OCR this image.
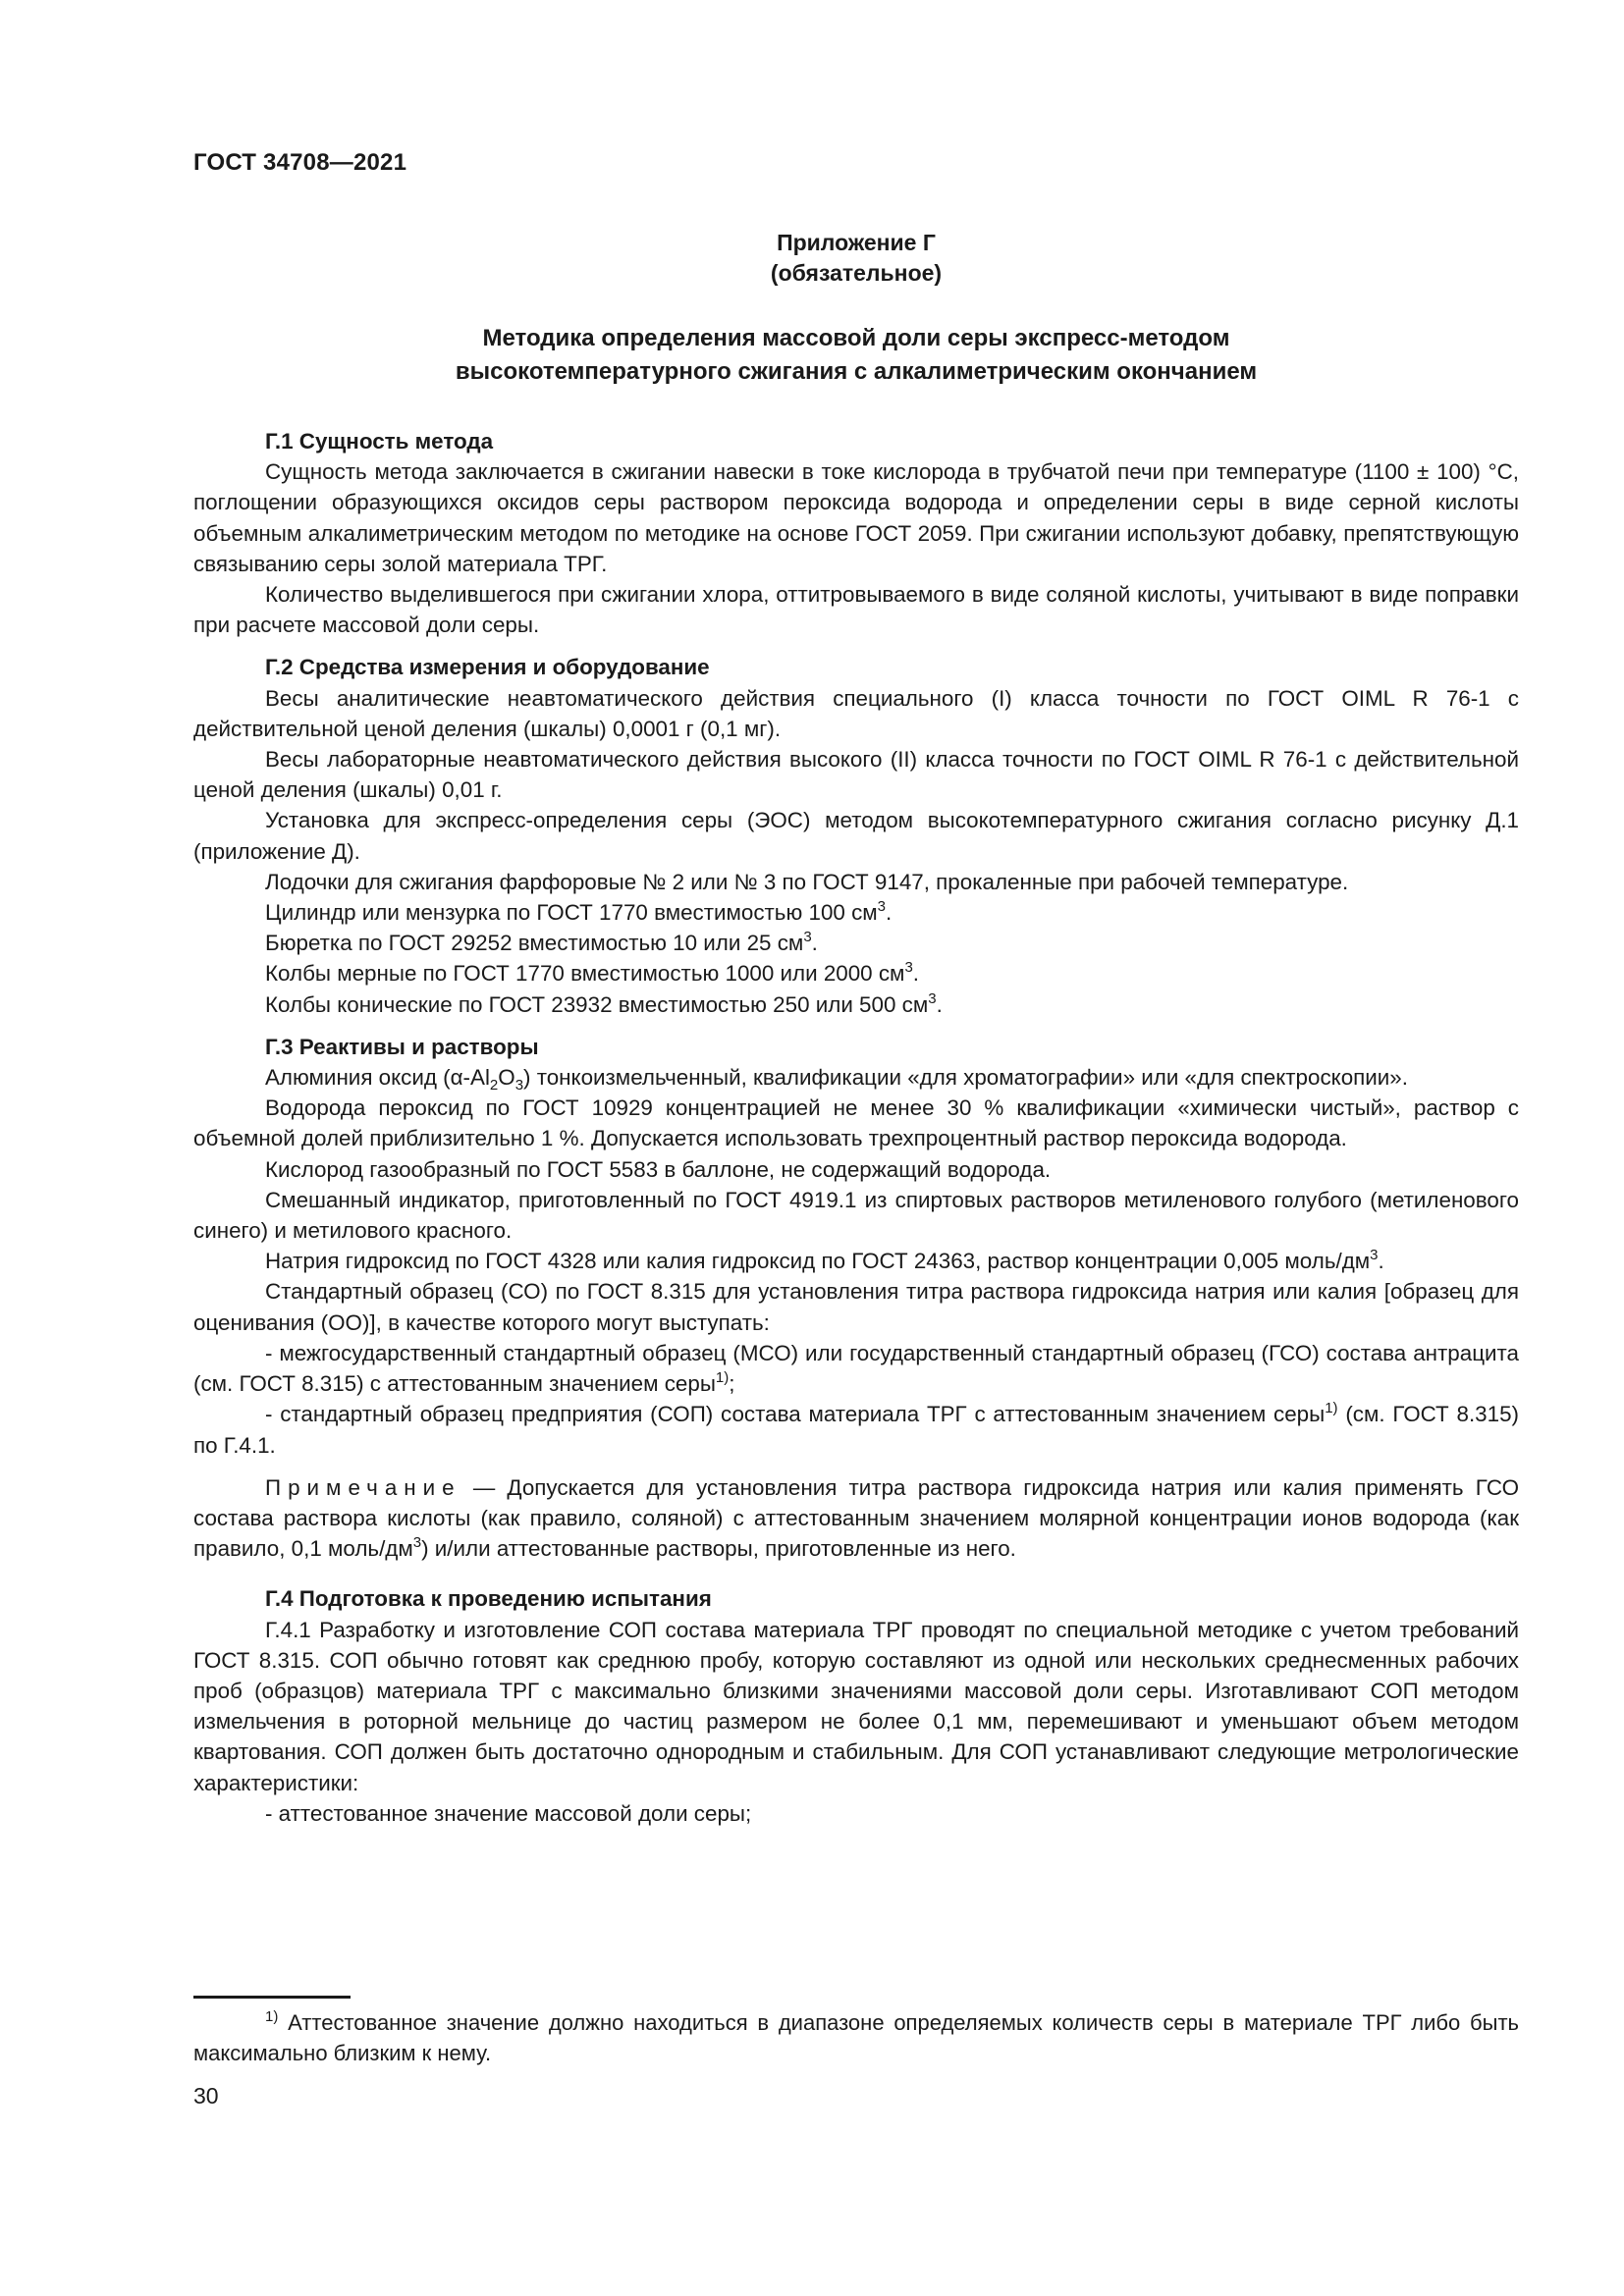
ГОСТ 34708—2021
Приложение Г
(обязательное)
Методика определения массовой доли серы экспресс-методом
высокотемпературного сжигания с алкалиметрическим окончанием
Г.1 Сущность метода

Сущность метода заключается в сжигании навески в токе кислорода в трубчатой печи при температуре (1100 ± 100) °С, поглощении образующихся оксидов серы раствором пероксида водорода и определении серы в виде серной кислоты объемным алкалиметрическим методом по методике на основе ГОСТ 2059. При сжигании используют добавку, препятствующую связыванию серы золой материала ТРГ.

Количество выделившегося при сжигании хлора, оттитровываемого в виде соляной кислоты, учитывают в виде поправки при расчете массовой доли серы.

Г.2 Средства измерения и оборудование

Весы аналитические неавтоматического действия специального (I) класса точности по ГОСТ OIML R 76-1 с действительной ценой деления (шкалы) 0,0001 г (0,1 мг).

Весы лабораторные неавтоматического действия высокого (II) класса точности по ГОСТ OIML R 76-1 с действительной ценой деления (шкалы) 0,01 г.

Установка для экспресс-определения серы (ЭОС) методом высокотемпературного сжигания согласно рисунку Д.1 (приложение Д).

Лодочки для сжигания фарфоровые № 2 или № 3 по ГОСТ 9147, прокаленные при рабочей температуре.

Цилиндр или мензурка по ГОСТ 1770 вместимостью 100 $см^3$.

Бюретка по ГОСТ 29252 вместимостью 10 или 25 $см^3$.

Колбы мерные по ГОСТ 1770 вместимостью 1000 или 2000 $см^3$.

Колбы конические по ГОСТ 23932 вместимостью 250 или 500 $см^3$.

Г.3 Реактивы и растворы

Алюминия оксид $(\alpha-Al_2O_3)$ тонкоизмельченный, квалификации «для хроматографии» или «для спектроскопии».

Водорода пероксид по ГОСТ 10929 концентрацией не менее 30 % квалификации «химически чистый», раствор с объемной долей приблизительно 1 %. Допускается использовать трехпроцентный раствор пероксида водорода.

Кислород газообразный по ГОСТ 5583 в баллоне, не содержащий водорода.

Смешанный индикатор, приготовленный по ГОСТ 4919.1 из спиртовых растворов метиленового голубого (метиленового синего) и метилового красного.

Натрия гидроксид по ГОСТ 4328 или калия гидроксид по ГОСТ 24363, раствор концентрации 0,005 моль/$дм^3$.

Стандартный образец (СО) по ГОСТ 8.315 для установления титра раствора гидроксида натрия или калия [образец для оценивания (ОО)], в качестве которого могут выступать:

- межгосударственный стандартный образец (МСО) или государственный стандартный образец (ГСО) состава антрацита (см. ГОСТ 8.315) с аттестованным значением серы$^{1)}$;

- стандартный образец предприятия (СОП) состава материала ТРГ с аттестованным значением серы$^{1)}$ (см. ГОСТ 8.315) по Г.4.1.

Примечание — Допускается для установления титра раствора гидроксида натрия или калия применять ГСО состава раствора кислоты (как правило, соляной) с аттестованным значением молярной концентрации ионов водорода (как правило, 0,1 моль/$дм^3$) и/или аттестованные растворы, приготовленные из него.

Г.4 Подготовка к проведению испытания

Г.4.1 Разработку и изготовление СОП состава материала ТРГ проводят по специальной методике с учетом требований ГОСТ 8.315. СОП обычно готовят как среднюю пробу, которую составляют из одной или нескольких среднесменных рабочих проб (образцов) материала ТРГ с максимально близкими значениями массовой доли серы. Изготавливают СОП методом измельчения в роторной мельнице до частиц размером не более 0,1 мм, перемешивают и уменьшают объем методом квартования. СОП должен быть достаточно однородным и стабильным. Для СОП устанавливают следующие метрологические характеристики:

- аттестованное значение массовой доли серы;

$^{1)}$ Аттестованное значение должно находиться в диапазоне определяемых количеств серы в материале ТРГ либо быть максимально близким к нему.

30
